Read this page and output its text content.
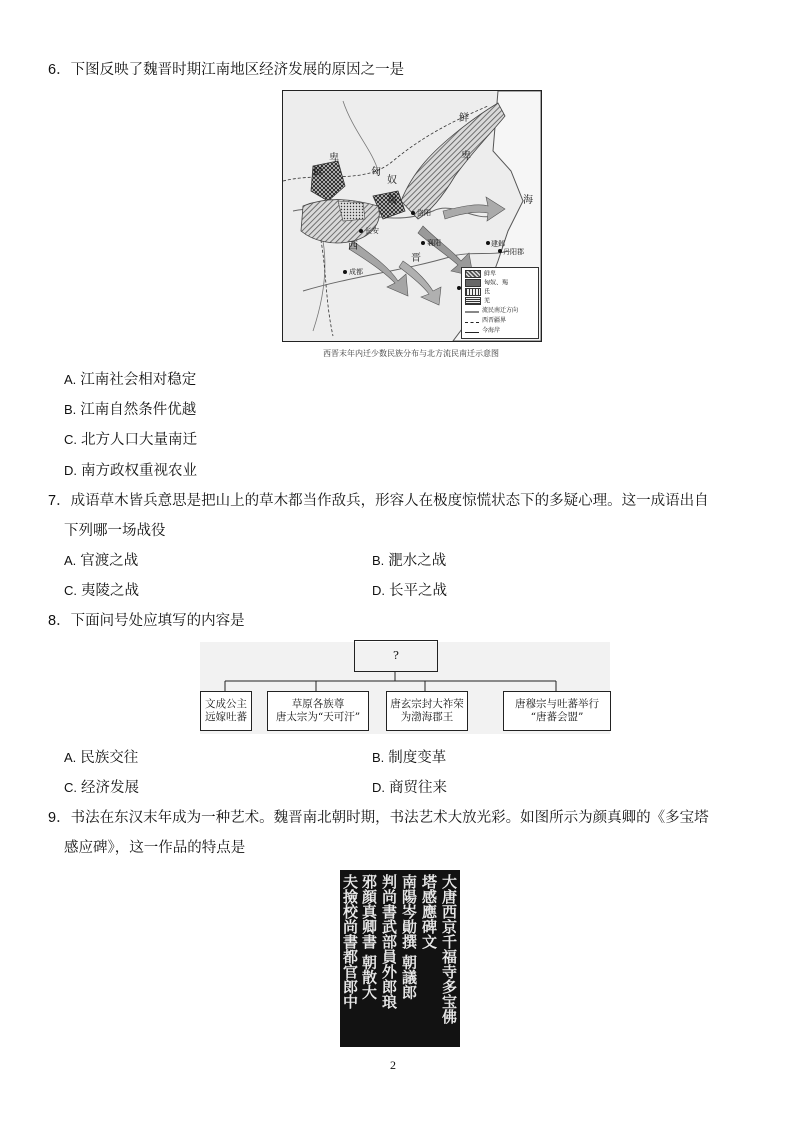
6．下图反映了魏晋时期江南地区经济发展的原因之一是
鲜
卑
鲜
卑
匈
奴
羯
洛阳
长安
襄阳
西
晋
成都
建邺
丹阳郡
海
鲜卑
匈奴、羯
氐
羌
流民南迁方向
西晋疆界
今海岸
西晋末年内迁少数民族分布与北方流民南迁示意图
A. 江南社会相对稳定
B. 江南自然条件优越
C. 北方人口大量南迁
D. 南方政权重视农业
7．成语草木皆兵意思是把山上的草木都当作敌兵，形容人在极度惊慌状态下的多疑心理。这一成语出自
下列哪一场战役
A. 官渡之战	B. 淝水之战
C. 夷陵之战	D. 长平之战
8．下面问号处应填写的内容是
?
文成公主
远嫁吐蕃
草原各族尊
唐太宗为“天可汗”
唐玄宗封大祚荣
为渤海郡王
唐穆宗与吐蕃举行
“唐蕃会盟”
A. 民族交往	B. 制度变革
C. 经济发展	D. 商贸往来
9．书法在东汉末年成为一种艺术。魏晋南北朝时期，书法艺术大放光彩。如图所示为颜真卿的《多宝塔
感应碑》，这一作品的特点是
大唐西京千福寺多宝佛
塔感應碑文
南陽岑勛撰 朝議郎
判尚書武部員外郎琅
邪顔真卿書 朝散大
夫撿校尚書都官郎中
2
